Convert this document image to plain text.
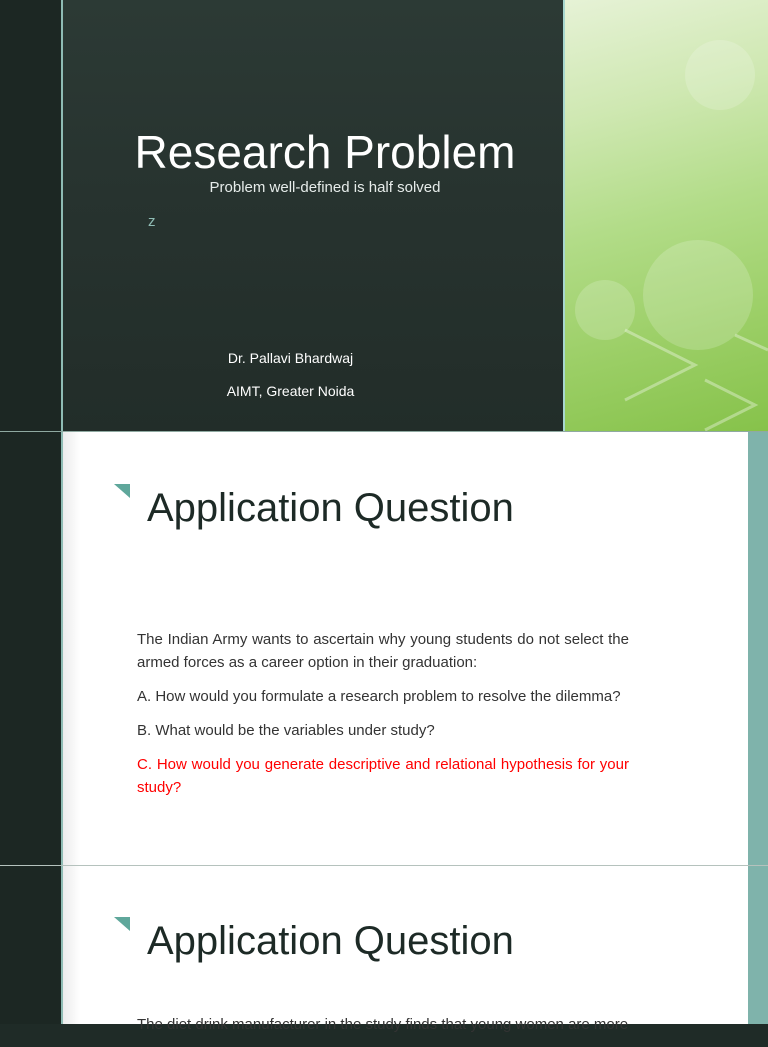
Research Problem
Problem well-defined is half solved
z
Dr. Pallavi Bhardwaj
AIMT, Greater Noida
Application Question

The Indian Army wants to ascertain why young students do not select the armed forces as a career option in their graduation:

A. How would you formulate a research problem to resolve the dilemma?

B. What would be the variables under study?

C. How would you generate descriptive and relational hypothesis for your study?

Application Question

The diet drink manufacturer in the study finds that young women are more
